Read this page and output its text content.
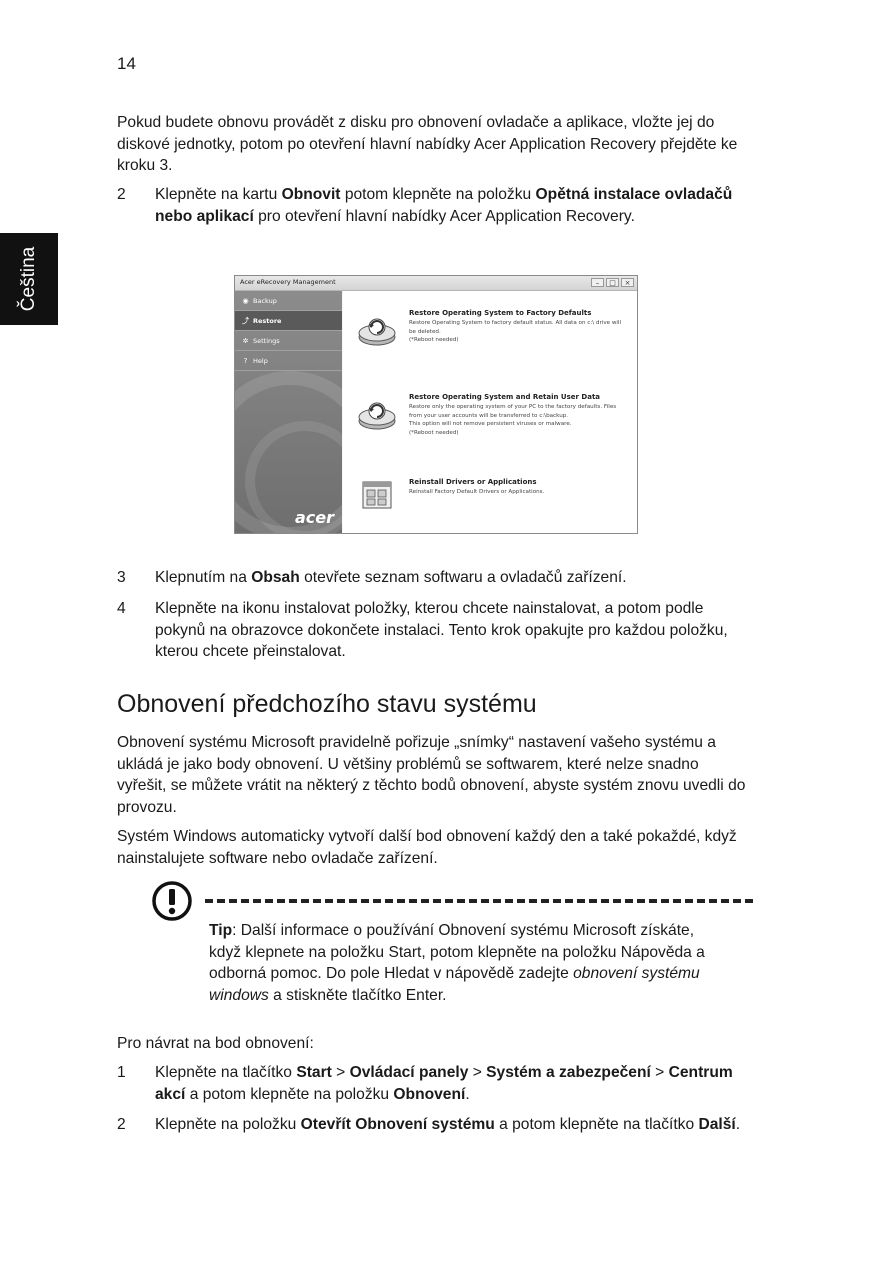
14
Čeština

Pokud budete obnovu provádět z disku pro obnovení ovladače a aplikace, vložte jej do diskové jednotky, potom po otevření hlavní nabídky Acer Application Recovery přejděte ke kroku 3.

2 Klepněte na kartu Obnovit potom klepněte na položku Opětná instalace ovladačů nebo aplikací pro otevření hlavní nabídky Acer Application Recovery.

Acer eRecovery Management	–	□	×
◉ Backup
⤴ Restore
✲ Settings
? Help
acer
Restore Operating System to Factory Defaults
Restore Operating System to factory default status. All data on c:\ drive will be deleted.
(*Reboot needed)
Restore Operating System and Retain User Data
Restore only the operating system of your PC to the factory defaults. Files from your user accounts will be transferred to c:\backup.
This option will not remove persistent viruses or malware.
(*Reboot needed)
Reinstall Drivers or Applications
Reinstall Factory Default Drivers or Applications.
3 Klepnutím na Obsah otevřete seznam softwaru a ovladačů zařízení.

4 Klepněte na ikonu instalovat položky, kterou chcete nainstalovat, a potom podle pokynů na obrazovce dokončete instalaci. Tento krok opakujte pro každou položku, kterou chcete přeinstalovat.

Obnovení předchozího stavu systému

Obnovení systému Microsoft pravidelně pořizuje „snímky“ nastavení vašeho systému a ukládá je jako body obnovení. U většiny problémů se softwarem, které nelze snadno vyřešit, se můžete vrátit na některý z těchto bodů obnovení, abyste systém znovu uvedli do provozu.

Systém Windows automaticky vytvoří další bod obnovení každý den a také pokaždé, když nainstalujete software nebo ovladače zařízení.

Tip: Další informace o používání Obnovení systému Microsoft získáte, když klepnete na položku Start, potom klepněte na položku Nápověda a odborná pomoc. Do pole Hledat v nápovědě zadejte obnovení systému windows a stiskněte tlačítko Enter.

Pro návrat na bod obnovení:

1 Klepněte na tlačítko Start > Ovládací panely > Systém a zabezpečení > Centrum akcí a potom klepněte na položku Obnovení.

2 Klepněte na položku Otevřít Obnovení systému a potom klepněte na tlačítko Další.
